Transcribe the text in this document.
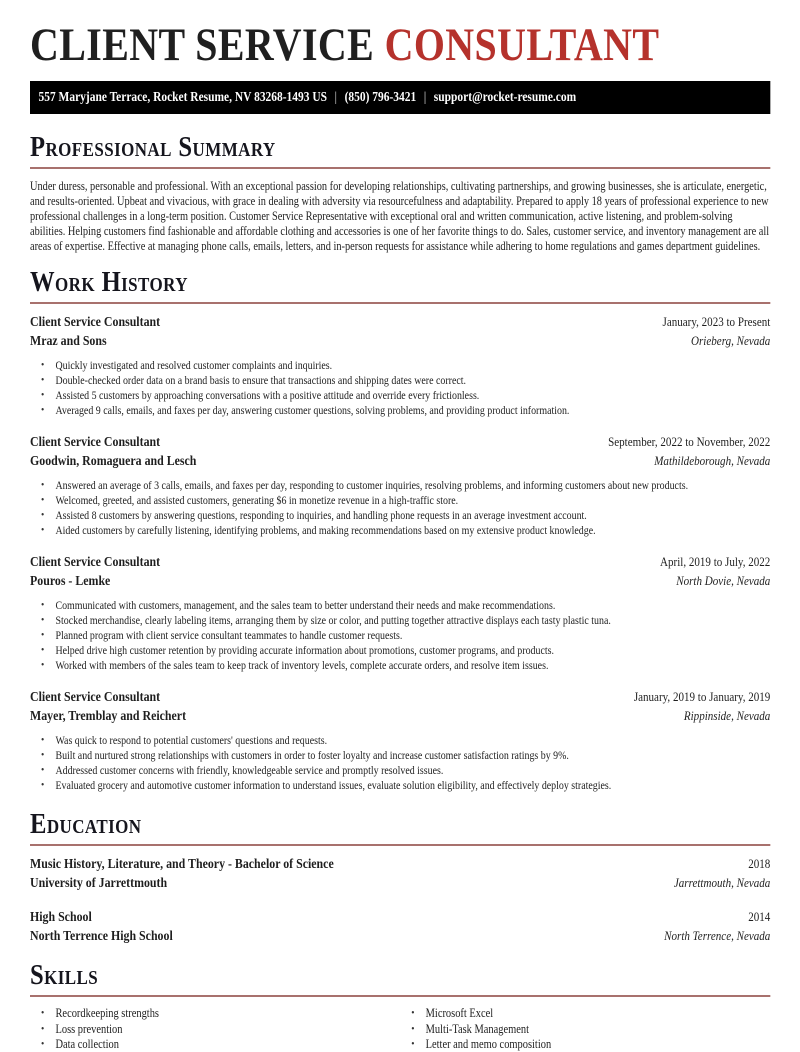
CLIENT SERVICE CONSULTANT
557 Maryjane Terrace, Rocket Resume, NV 83268-1493 US | (850) 796-3421 | support@rocket-resume.com
Professional Summary

Under duress, personable and professional. With an exceptional passion for developing relationships, cultivating partnerships, and growing businesses, she is articulate, energetic, and results-oriented. Upbeat and vivacious, with grace in dealing with adversity via resourcefulness and adaptability. Prepared to apply 18 years of professional experience to new professional challenges in a long-term position. Customer Service Representative with exceptional oral and written communication, active listening, and problem-solving abilities. Helping customers find fashionable and affordable clothing and accessories is one of her favorite things to do. Sales, customer service, and inventory management are all areas of expertise. Effective at managing phone calls, emails, letters, and in-person requests for assistance while adhering to home regulations and games department guidelines.

Work History
Client Service Consultant	January, 2023 to Present
Mraz and Sons	Orieberg, Nevada
• Quickly investigated and resolved customer complaints and inquiries.
• Double-checked order data on a brand basis to ensure that transactions and shipping dates were correct.
• Assisted 5 customers by approaching conversations with a positive attitude and override every frictionless.
• Averaged 9 calls, emails, and faxes per day, answering customer questions, solving problems, and providing product information.
Client Service Consultant	September, 2022 to November, 2022
Goodwin, Romaguera and Lesch	Mathildeborough, Nevada
• Answered an average of 3 calls, emails, and faxes per day, responding to customer inquiries, resolving problems, and informing customers about new products.
• Welcomed, greeted, and assisted customers, generating $6 in monetize revenue in a high-traffic store.
• Assisted 8 customers by answering questions, responding to inquiries, and handling phone requests in an average investment account.
• Aided customers by carefully listening, identifying problems, and making recommendations based on my extensive product knowledge.
Client Service Consultant	April, 2019 to July, 2022
Pouros - Lemke	North Dovie, Nevada
• Communicated with customers, management, and the sales team to better understand their needs and make recommendations.
• Stocked merchandise, clearly labeling items, arranging them by size or color, and putting together attractive displays each tasty plastic tuna.
• Planned program with client service consultant teammates to handle customer requests.
• Helped drive high customer retention by providing accurate information about promotions, customer programs, and products.
• Worked with members of the sales team to keep track of inventory levels, complete accurate orders, and resolve item issues.
Client Service Consultant	January, 2019 to January, 2019
Mayer, Tremblay and Reichert	Rippinside, Nevada
• Was quick to respond to potential customers' questions and requests.
• Built and nurtured strong relationships with customers in order to foster loyalty and increase customer satisfaction ratings by 9%.
• Addressed customer concerns with friendly, knowledgeable service and promptly resolved issues.
• Evaluated grocery and automotive customer information to understand issues, evaluate solution eligibility, and effectively deploy strategies.
Education
Music History, Literature, and Theory - Bachelor of Science	2018
University of Jarrettmouth	Jarrettmouth, Nevada
High School	2014
North Terrence High School	North Terrence, Nevada
Skills
• Recordkeeping strengths
• Loss prevention
• Data collection
• Microsoft Excel
• Multi-Task Management
• Letter and memo composition
